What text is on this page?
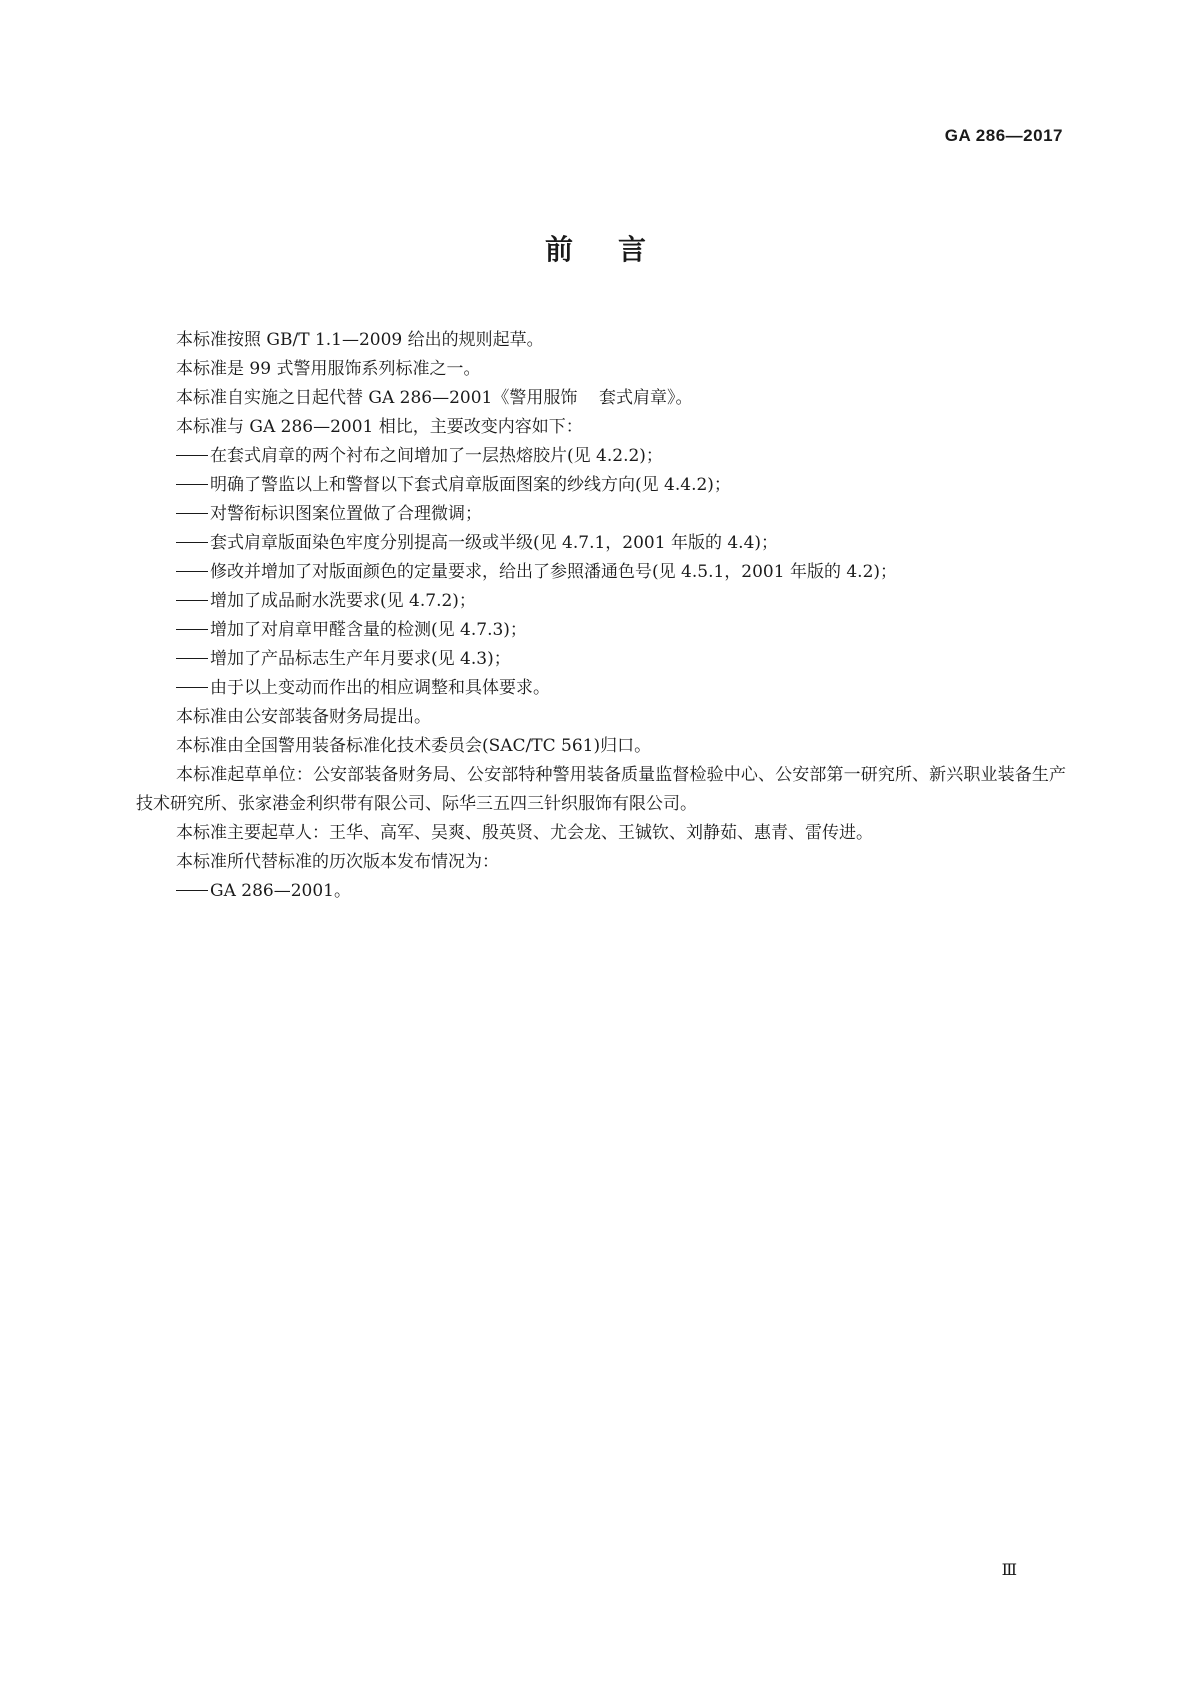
GA 286—2017
前言

本标准按照 GB/T 1.1—2009 给出的规则起草。

本标准是 99 式警用服饰系列标准之一。

本标准自实施之日起代替 GA 286—2001《警用服饰    套式肩章》。

本标准与 GA 286—2001 相比，主要改变内容如下：

在套式肩章的两个衬布之间增加了一层热熔胶片(见 4.2.2)；

明确了警监以上和警督以下套式肩章版面图案的纱线方向(见 4.4.2)；

对警衔标识图案位置做了合理微调；

套式肩章版面染色牢度分别提高一级或半级(见 4.7.1，2001 年版的 4.4)；

修改并增加了对版面颜色的定量要求，给出了参照潘通色号(见 4.5.1，2001 年版的 4.2)；

增加了成品耐水洗要求(见 4.7.2)；

增加了对肩章甲醛含量的检测(见 4.7.3)；

增加了产品标志生产年月要求(见 4.3)；

由于以上变动而作出的相应调整和具体要求。

本标准由公安部装备财务局提出。

本标准由全国警用装备标准化技术委员会(SAC/TC 561)归口。

本标准起草单位：公安部装备财务局、公安部特种警用装备质量监督检验中心、公安部第一研究所、新兴职业装备生产技术研究所、张家港金利织带有限公司、际华三五四三针织服饰有限公司。

本标准主要起草人：王华、高军、吴爽、殷英贤、尤会龙、王铖钦、刘静茹、惠青、雷传进。

本标准所代替标准的历次版本发布情况为：

GA 286—2001。

Ⅲ
